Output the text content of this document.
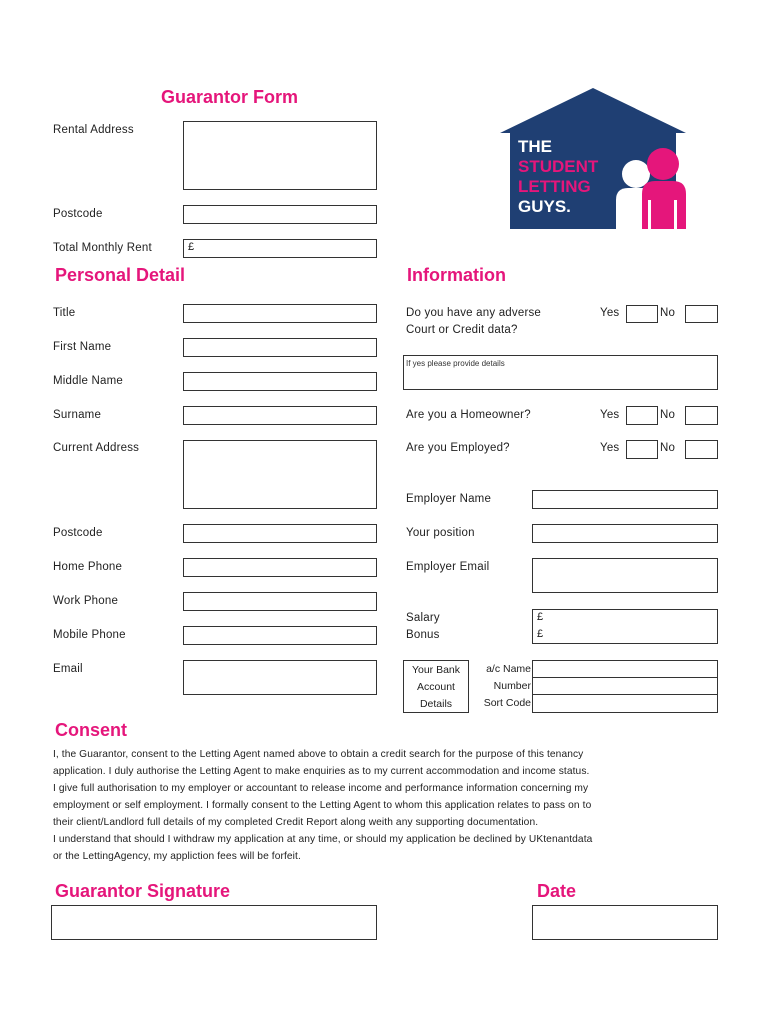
Guarantor Form
Rental Address
Postcode
Total Monthly Rent	£
THE
STUDENT
LETTING
GUYS.
Personal Detail
Title
First Name
Middle Name
Surname
Current Address
Postcode
Home Phone
Work Phone
Mobile Phone
Email
Information
Do you have any adverse
Court or Credit data?
Yes	No
If yes please provide details
Are you a Homeowner?	Yes	No
Are you Employed?	Yes	No
Employer Name
Your position
Employer Email
Salary
Bonus
£
£
Your Bank
Account
Details
a/c Name
Number
Sort Code
Consent
I, the Guarantor, consent to the Letting Agent named above to obtain a credit search for the purpose of this tenancy
application. I duly authorise the Letting Agent to make enquiries as to my current accommodation and income status.
I give full authorisation to my employer or accountant to release income and performance information concerning my
employment or self employment. I formally consent to the Letting Agent to whom this application relates to pass on to
their client/Landlord full details of my completed Credit Report along weith any supporting documentation.
I understand that should I withdraw my application at any time, or should my application be declined by UKtenantdata
or the LettingAgency, my appliction fees will be forfeit.
Guarantor Signature	Date
